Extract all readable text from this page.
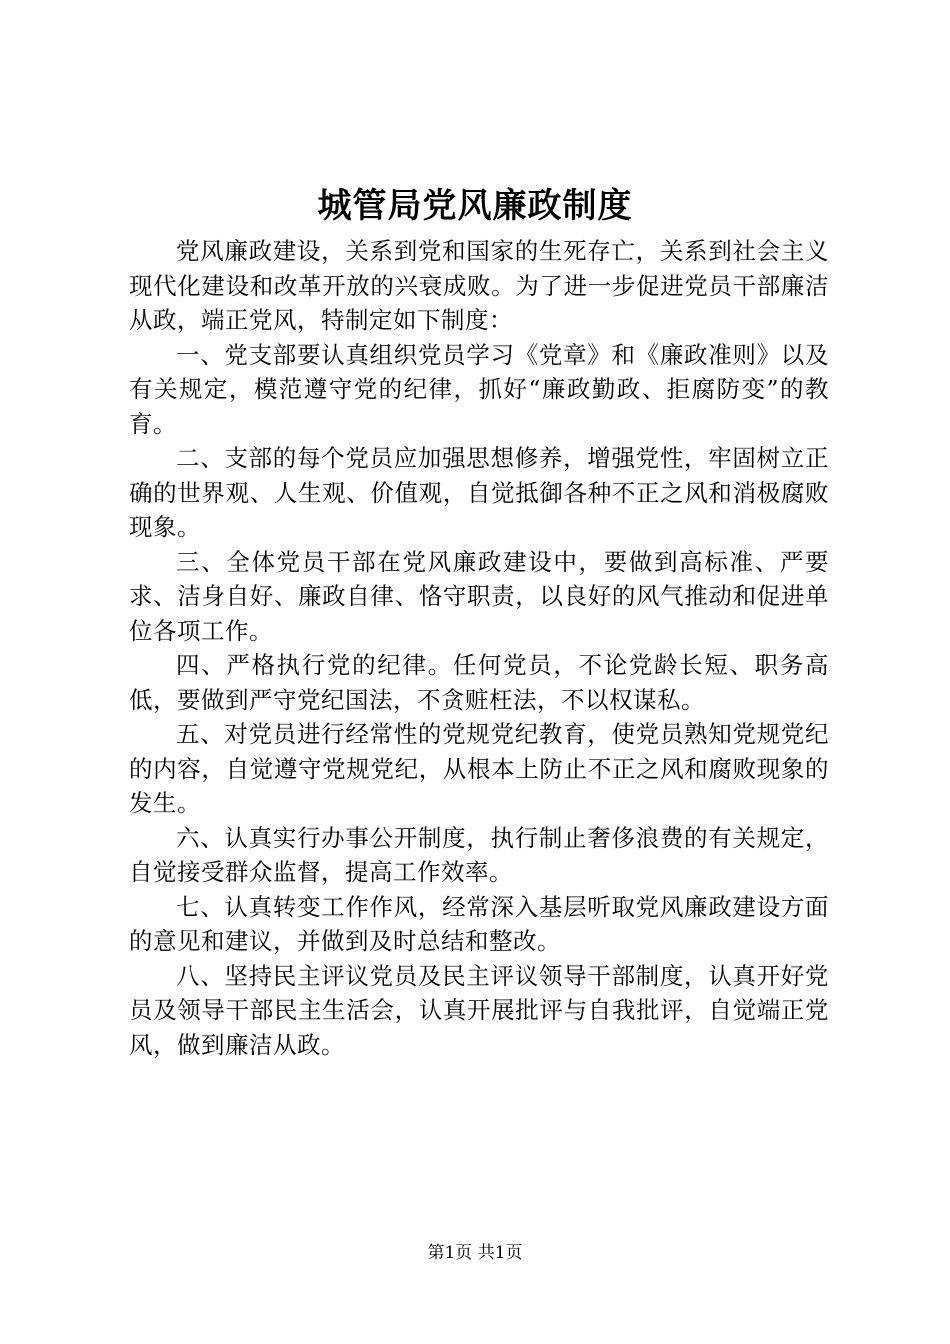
城管局党风廉政制度

党风廉政建设，关系到党和国家的生死存亡，关系到社会主义现代化建设和改革开放的兴衰成败。为了进一步促进党员干部廉洁从政，端正党风，特制定如下制度：

一、党支部要认真组织党员学习《党章》和《廉政准则》以及有关规定，模范遵守党的纪律，抓好“廉政勤政、拒腐防变”的教育。

二、支部的每个党员应加强思想修养，增强党性，牢固树立正确的世界观、人生观、价值观，自觉抵御各种不正之风和消极腐败现象。

三、全体党员干部在党风廉政建设中，要做到高标准、严要求、洁身自好、廉政自律、恪守职责，以良好的风气推动和促进单位各项工作。

四、严格执行党的纪律。任何党员，不论党龄长短、职务高低，要做到严守党纪国法，不贪赃枉法，不以权谋私。

五、对党员进行经常性的党规党纪教育，使党员熟知党规党纪的内容，自觉遵守党规党纪，从根本上防止不正之风和腐败现象的发生。

六、认真实行办事公开制度，执行制止奢侈浪费的有关规定，自觉接受群众监督，提高工作效率。

七、认真转变工作作风，经常深入基层听取党风廉政建设方面的意见和建议，并做到及时总结和整改。

八、坚持民主评议党员及民主评议领导干部制度，认真开好党员及领导干部民主生活会，认真开展批评与自我批评，自觉端正党风，做到廉洁从政。

第1页 共1页
